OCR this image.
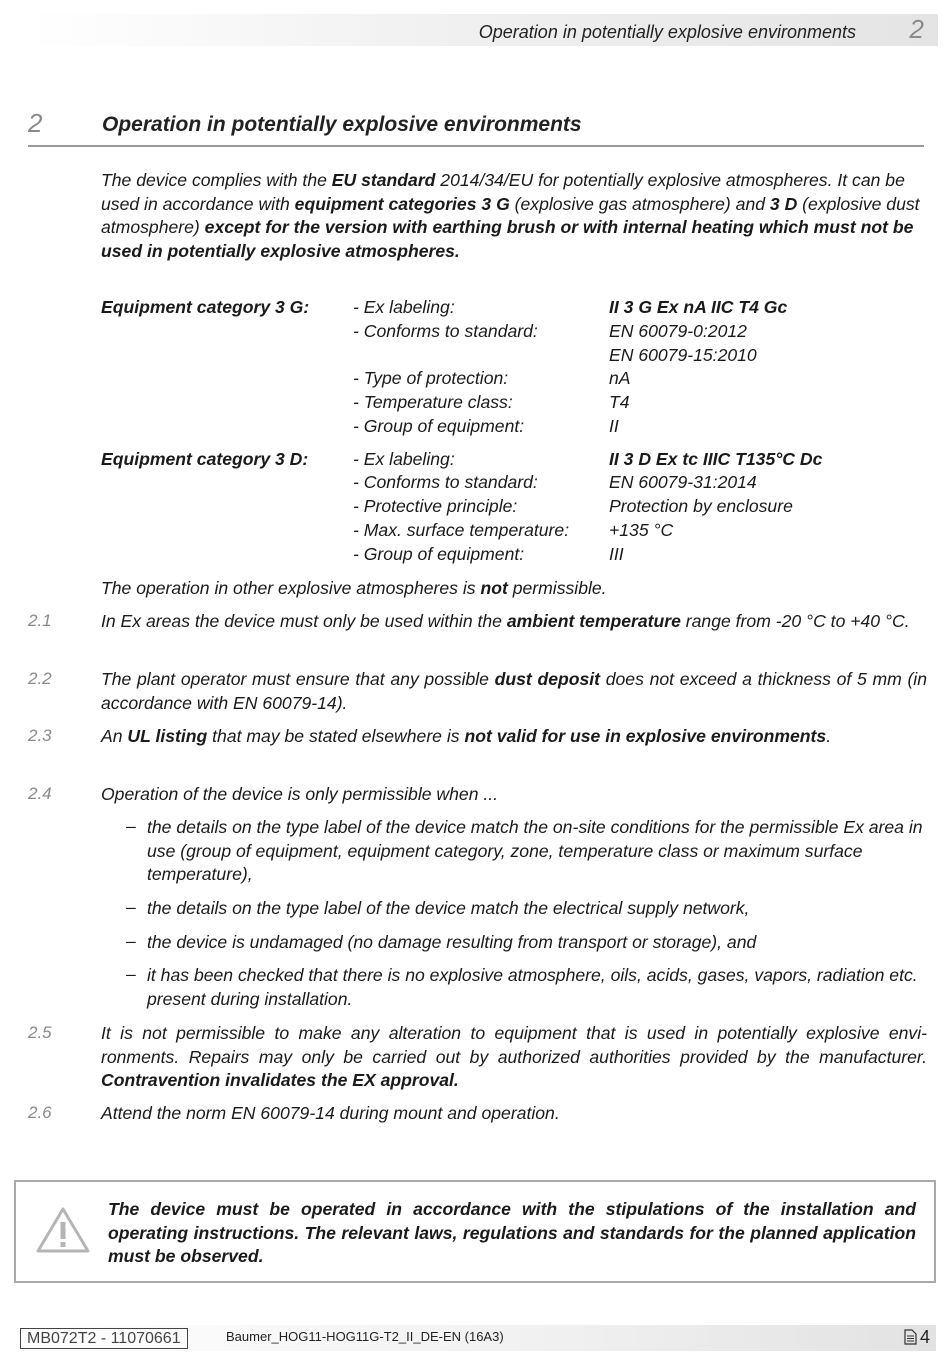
Operation in potentially explosive environments 2
2	Operation in potentially explosive environments
The device complies with the EU standard 2014/34/EU for potentially explosive atmospheres. It can be used in accordance with equipment categories 3 G (explosive gas atmosphere) and 3 D (explosive dust atmosphere) except for the version with earthing brush or with internal heating which must not be used in potentially explosive atmospheres.
Equipment category 3 G: - Ex labeling:	II 3 G Ex nA IIC T4 Gc
- Conforms to standard:	EN 60079-0:2012
EN 60079-15:2010
- Type of protection:	nA
- Temperature class:	T4
- Group of equipment:	II
Equipment category 3 D:	- Ex labeling:	II 3 D Ex tc IIIC T135°C Dc
- Conforms to standard:	EN 60079-31:2014
- Protective principle:	Protection by enclosure
- Max. surface temperature: +135 °C
- Group of equipment:	III
The operation in other explosive atmospheres is not permissible.
2.1	In Ex areas the device must only be used within the ambient temperature range from -20 °C to +40 °C.
2.2	The plant operator must ensure that any possible dust deposit does not exceed a thickness of 5 mm (in accordance with EN 60079-14).
2.3	An UL listing that may be stated elsewhere is not valid for use in explosive environments.
2.4	Operation of the device is only permissible when ...
– the details on the type label of the device match the on-site conditions for the permissible Ex area in use (group of equipment, equipment category, zone, temperature class or maximum surface temperature),
– the details on the type label of the device match the electrical supply network,
– the device is undamaged (no damage resulting from transport or storage), and
– it has been checked that there is no explosive atmosphere, oils, acids, gases, vapors, radiation etc. present during installation.
2.5	It is not permissible to make any alteration to equipment that is used in potentially explosive environments. Repairs may only be carried out by authorized authorities provided by the manufacturer. Contravention invalidates the EX approval.
2.6	Attend the norm EN 60079-14 during mount and operation.
The device must be operated in accordance with the stipulations of the installation and operating instructions. The relevant laws, regulations and standards for the planned application must be observed.
MB072T2 - 11070661	Baumer_HOG11-HOG11G-T2_II_DE-EN (16A3)	4
